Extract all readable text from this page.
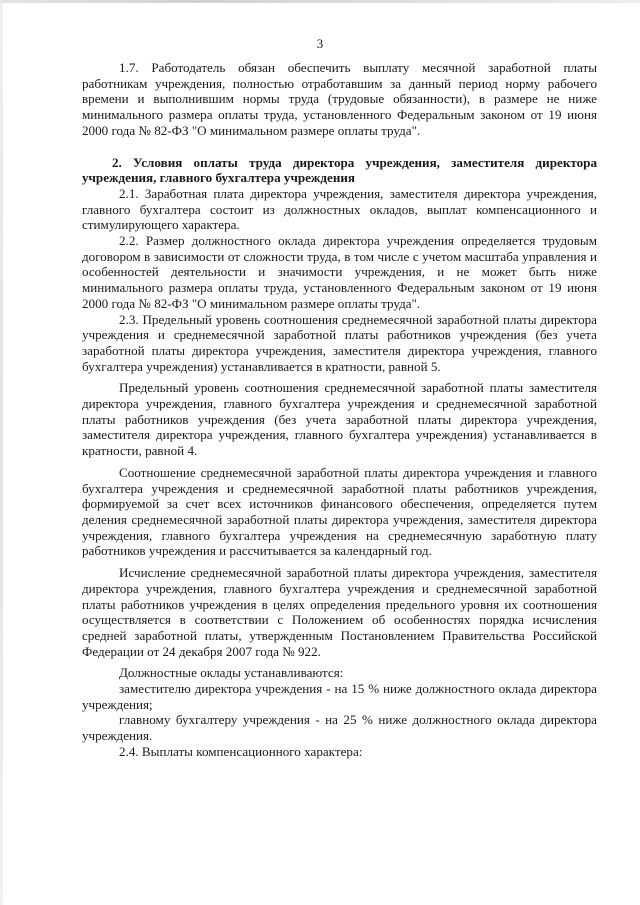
3

1.7. Работодатель обязан обеспечить выплату месячной заработной платы работникам учреждения, полностью отработавшим за данный период норму рабочего времени и выполнившим нормы труда (трудовые обязанности), в размере не ниже минимального размера оплаты труда, установленного Федеральным законом от 19 июня 2000 года № 82-ФЗ "О минимальном размере оплаты труда".

2. Условия оплаты труда директора учреждения, заместителя директора учреждения, главного бухгалтера учреждения

2.1. Заработная плата директора учреждения, заместителя директора учреждения, главного бухгалтера состоит из должностных окладов, выплат компенсационного и стимулирующего характера.

2.2. Размер должностного оклада директора учреждения определяется трудовым договором в зависимости от сложности труда, в том числе с учетом масштаба управления и особенностей деятельности и значимости учреждения, и не может быть ниже минимального размера оплаты труда, установленного Федеральным законом от 19 июня 2000 года № 82-ФЗ "О минимальном размере оплаты труда".

2.3. Предельный уровень соотношения среднемесячной заработной платы директора учреждения и среднемесячной заработной платы работников учреждения (без учета заработной платы директора учреждения, заместителя директора учреждения, главного бухгалтера учреждения) устанавливается в кратности, равной 5.

Предельный уровень соотношения среднемесячной заработной платы заместителя директора учреждения, главного бухгалтера учреждения и среднемесячной заработной платы работников учреждения (без учета заработной платы директора учреждения, заместителя директора учреждения, главного бухгалтера учреждения) устанавливается в кратности, равной 4.

Соотношение среднемесячной заработной платы директора учреждения и главного бухгалтера учреждения и среднемесячной заработной платы работников учреждения, формируемой за счет всех источников финансового обеспечения, определяется путем деления среднемесячной заработной платы директора учреждения, заместителя директора учреждения, главного бухгалтера учреждения на среднемесячную заработную плату работников учреждения и рассчитывается за календарный год.

Исчисление среднемесячной заработной платы директора учреждения, заместителя директора учреждения, главного бухгалтера учреждения и среднемесячной заработной платы работников учреждения в целях определения предельного уровня их соотношения осуществляется в соответствии с Положением об особенностях порядка исчисления средней заработной платы, утвержденным Постановлением Правительства Российской Федерации от 24 декабря 2007 года № 922.

Должностные оклады устанавливаются:

заместителю директора учреждения - на 15 % ниже должностного оклада директора учреждения;

главному бухгалтеру учреждения - на 25 % ниже должностного оклада директора учреждения.

2.4. Выплаты компенсационного характера:
